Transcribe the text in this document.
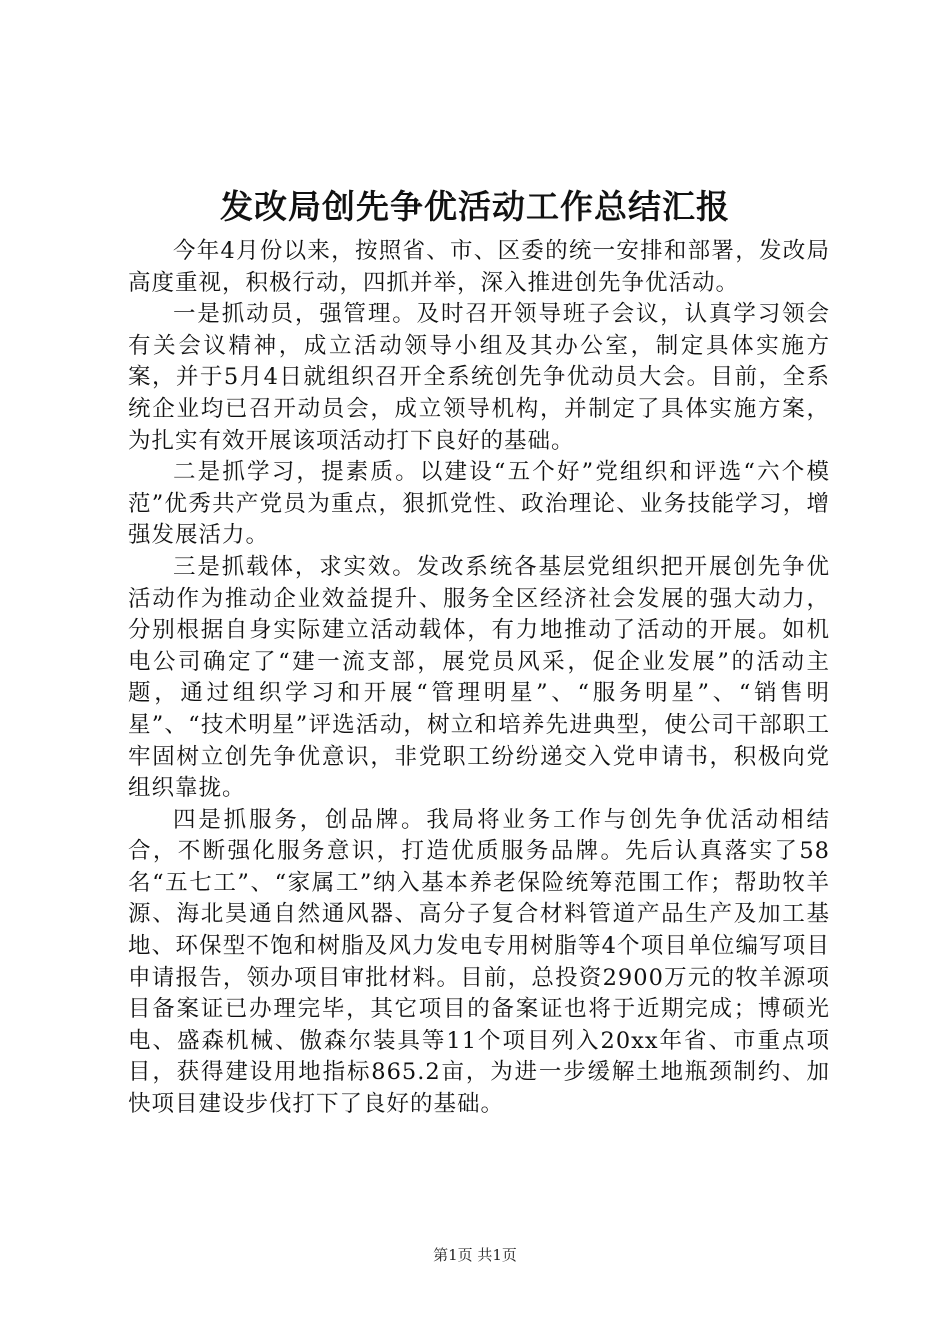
发改局创先争优活动工作总结汇报

今年4月份以来，按照省、市、区委的统一安排和部署，发改局高度重视，积极行动，四抓并举，深入推进创先争优活动。

一是抓动员，强管理。及时召开领导班子会议，认真学习领会有关会议精神，成立活动领导小组及其办公室，制定具体实施方案，并于5月4日就组织召开全系统创先争优动员大会。目前，全系统企业均已召开动员会，成立领导机构，并制定了具体实施方案，为扎实有效开展该项活动打下良好的基础。

二是抓学习，提素质。以建设“五个好”党组织和评选“六个模范”优秀共产党员为重点，狠抓党性、政治理论、业务技能学习，增强发展活力。

三是抓载体，求实效。发改系统各基层党组织把开展创先争优活动作为推动企业效益提升、服务全区经济社会发展的强大动力，分别根据自身实际建立活动载体，有力地推动了活动的开展。如机电公司确定了“建一流支部，展党员风采，促企业发展”的活动主题，通过组织学习和开展“管理明星”、“服务明星”、“销售明星”、“技术明星”评选活动，树立和培养先进典型，使公司干部职工牢固树立创先争优意识，非党职工纷纷递交入党申请书，积极向党组织靠拢。

四是抓服务，创品牌。我局将业务工作与创先争优活动相结合，不断强化服务意识，打造优质服务品牌。先后认真落实了58名“五七工”、“家属工”纳入基本养老保险统筹范围工作；帮助牧羊源、海北昊通自然通风器、高分子复合材料管道产品生产及加工基地、环保型不饱和树脂及风力发电专用树脂等4个项目单位编写项目申请报告，领办项目审批材料。目前，总投资2900万元的牧羊源项目备案证已办理完毕，其它项目的备案证也将于近期完成；博硕光电、盛森机械、傲森尔装具等11个项目列入20xx年省、市重点项目，获得建设用地指标865.2亩，为进一步缓解土地瓶颈制约、加快项目建设步伐打下了良好的基础。

第1页 共1页
